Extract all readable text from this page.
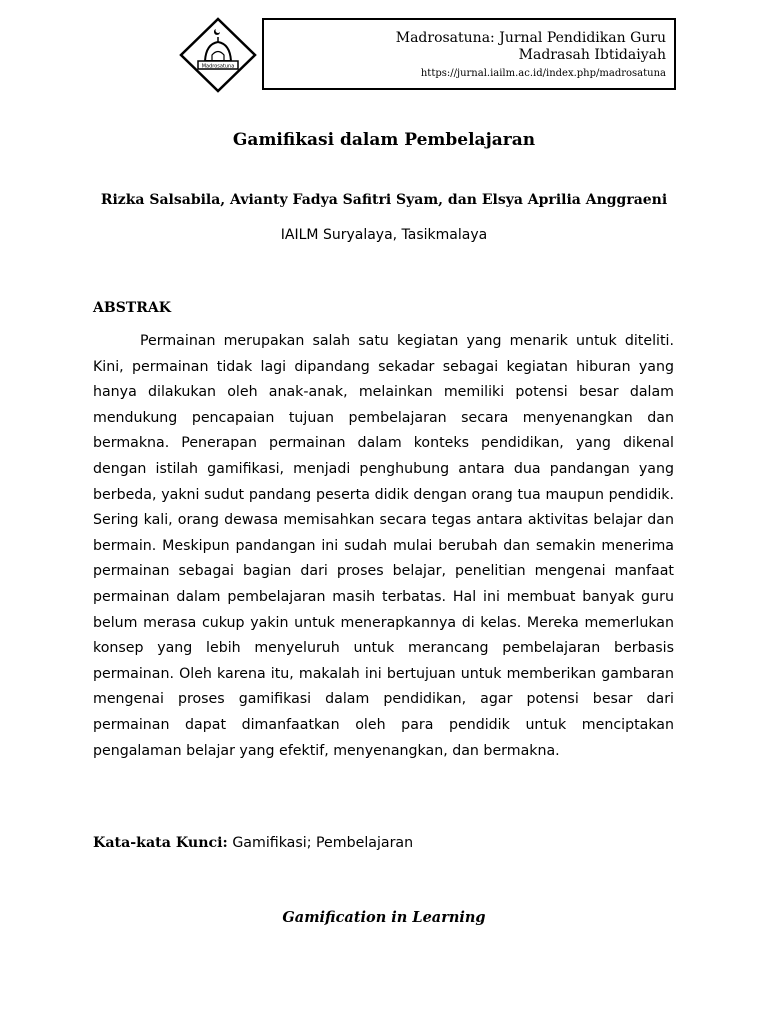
Madrosatuna
Madrosatuna: Jurnal Pendidikan Guru
Madrasah Ibtidaiyah
https://jurnal.iailm.ac.id/index.php/madrosatuna
Gamifikasi dalam Pembelajaran
Rizka Salsabila, Avianty Fadya Safitri Syam, dan Elsya Aprilia Anggraeni
IAILM Suryalaya, Tasikmalaya
ABSTRAK

Permainan merupakan salah satu kegiatan yang menarik untuk diteliti. Kini, permainan tidak lagi dipandang sekadar sebagai kegiatan hiburan yang hanya dilakukan oleh anak-anak, melainkan memiliki potensi besar dalam mendukung pencapaian tujuan pembelajaran secara menyenangkan dan bermakna. Penerapan permainan dalam konteks pendidikan, yang dikenal dengan istilah gamifikasi, menjadi penghubung antara dua pandangan yang berbeda, yakni sudut pandang peserta didik dengan orang tua maupun pendidik. Sering kali, orang dewasa memisahkan secara tegas antara aktivitas belajar dan bermain. Meskipun pandangan ini sudah mulai berubah dan semakin menerima permainan sebagai bagian dari proses belajar, penelitian mengenai manfaat permainan dalam pembelajaran masih terbatas. Hal ini membuat banyak guru belum merasa cukup yakin untuk menerapkannya di kelas. Mereka memerlukan konsep yang lebih menyeluruh untuk merancang pembelajaran berbasis permainan. Oleh karena itu, makalah ini bertujuan untuk memberikan gambaran mengenai proses gamifikasi dalam pendidikan, agar potensi besar dari permainan dapat dimanfaatkan oleh para pendidik untuk menciptakan pengalaman belajar yang efektif, menyenangkan, dan bermakna.

Kata-kata Kunci: Gamifikasi; Pembelajaran
Gamification in Learning
